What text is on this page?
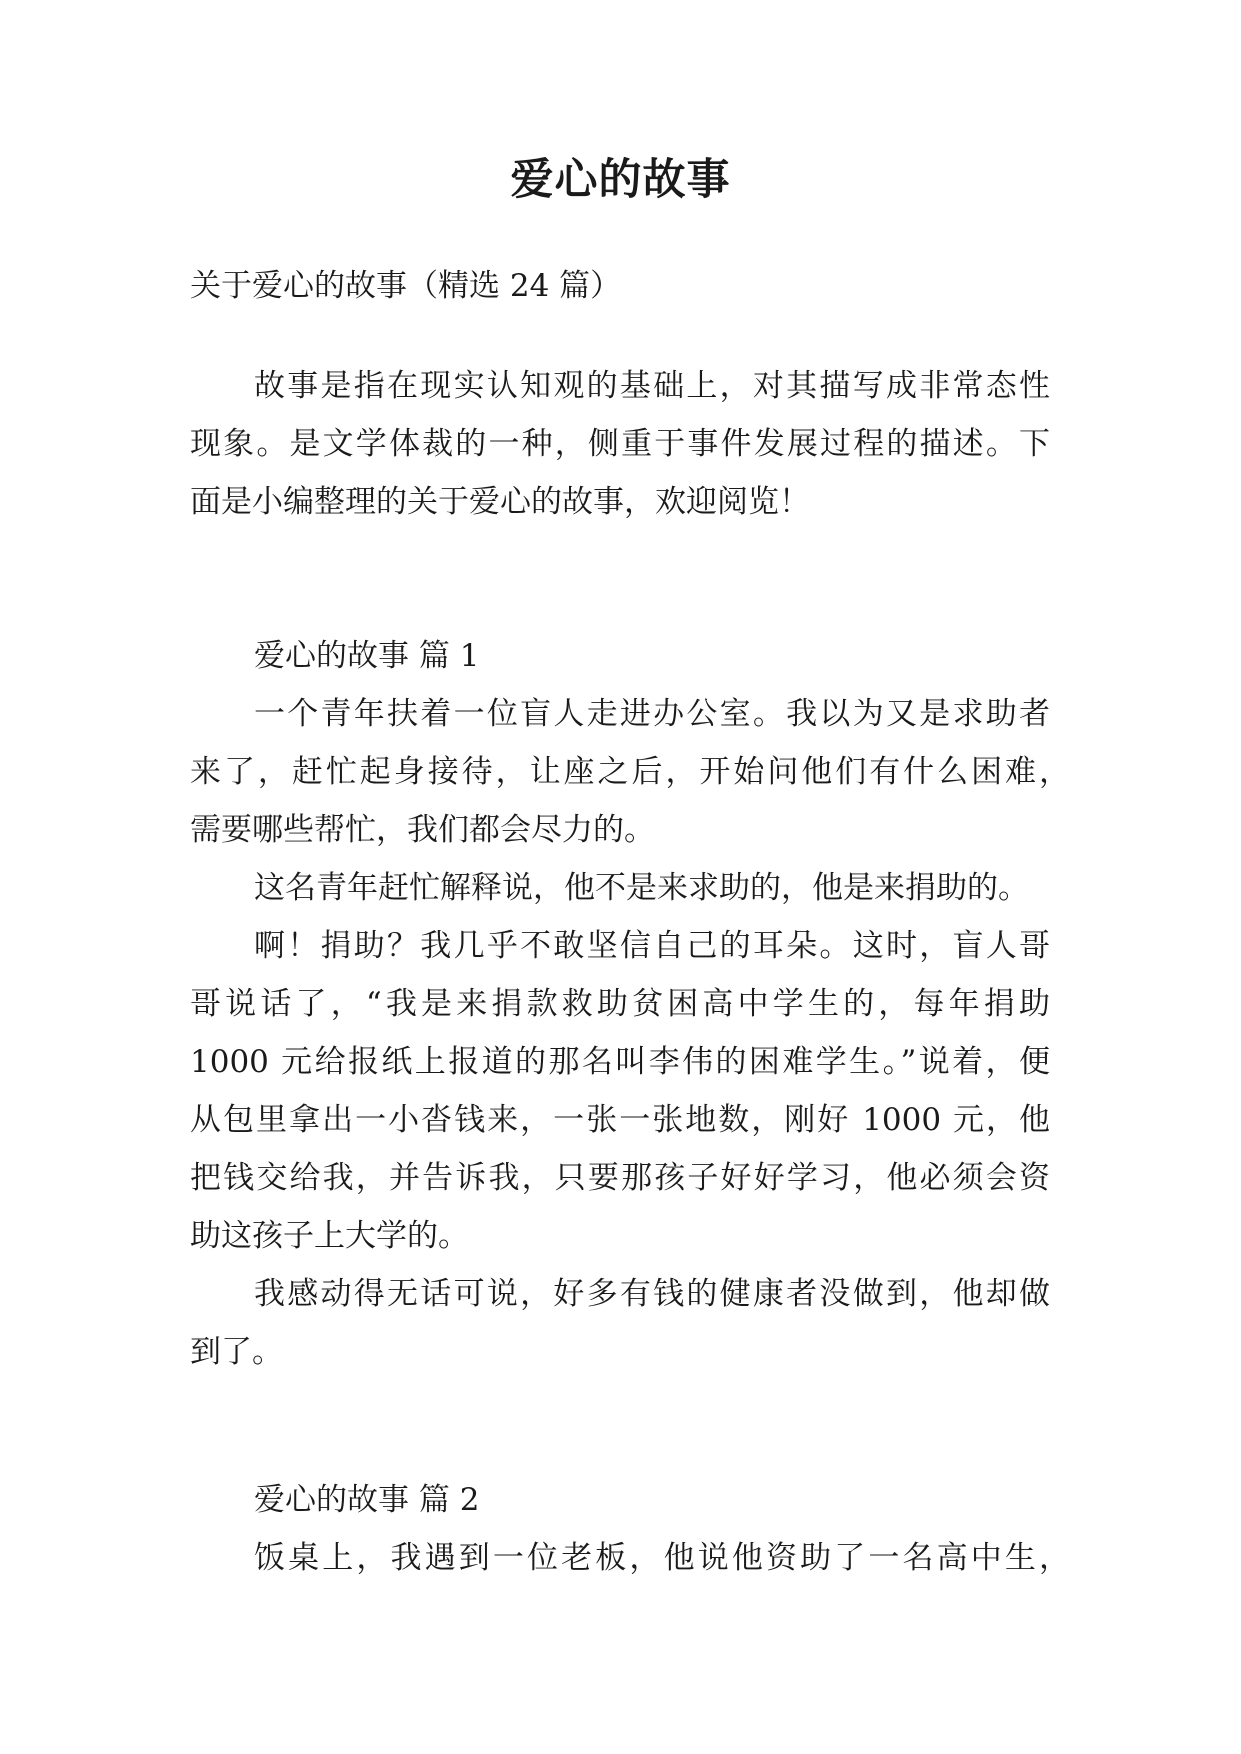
爱心的故事
关于爱心的故事（精选 24 篇）
故事是指在现实认知观的基础上，对其描写成非常态性
现象。是文学体裁的一种，侧重于事件发展过程的描述。下
面是小编整理的关于爱心的故事，欢迎阅览！
爱心的故事 篇 1
一个青年扶着一位盲人走进办公室。我以为又是求助者
来了，赶忙起身接待，让座之后，开始问他们有什么困难，
需要哪些帮忙，我们都会尽力的。
这名青年赶忙解释说，他不是来求助的，他是来捐助的。
啊！捐助？我几乎不敢坚信自己的耳朵。这时，盲人哥
哥说话了，“我是来捐款救助贫困高中学生的，每年捐助
1000 元给报纸上报道的那名叫李伟的困难学生。”说着，便
从包里拿出一小沓钱来，一张一张地数，刚好 1000 元，他
把钱交给我，并告诉我，只要那孩子好好学习，他必须会资
助这孩子上大学的。
我感动得无话可说，好多有钱的健康者没做到，他却做
到了。
爱心的故事 篇 2
饭桌上，我遇到一位老板，他说他资助了一名高中生，
